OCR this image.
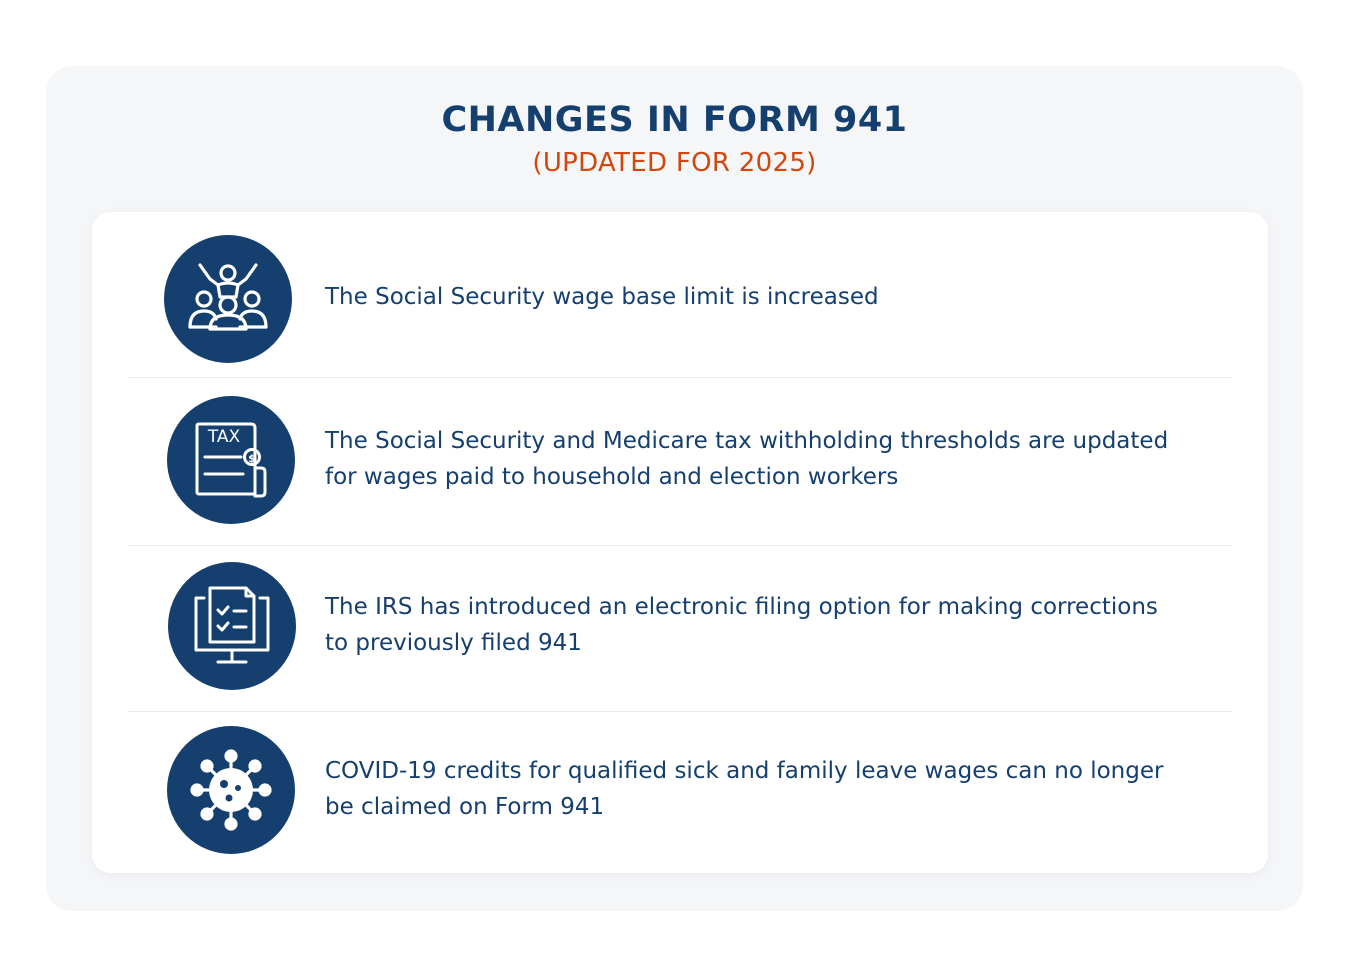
CHANGES IN FORM 941

(UPDATED FOR 2025)

The Social Security wage base limit is increased

TAX
$

The Social Security and Medicare tax withholding thresholds are updated for wages paid to household and election workers

The IRS has introduced an electronic filing option for making corrections to previously filed 941

COVID-19 credits for qualified sick and family leave wages can no longer be claimed on Form 941
